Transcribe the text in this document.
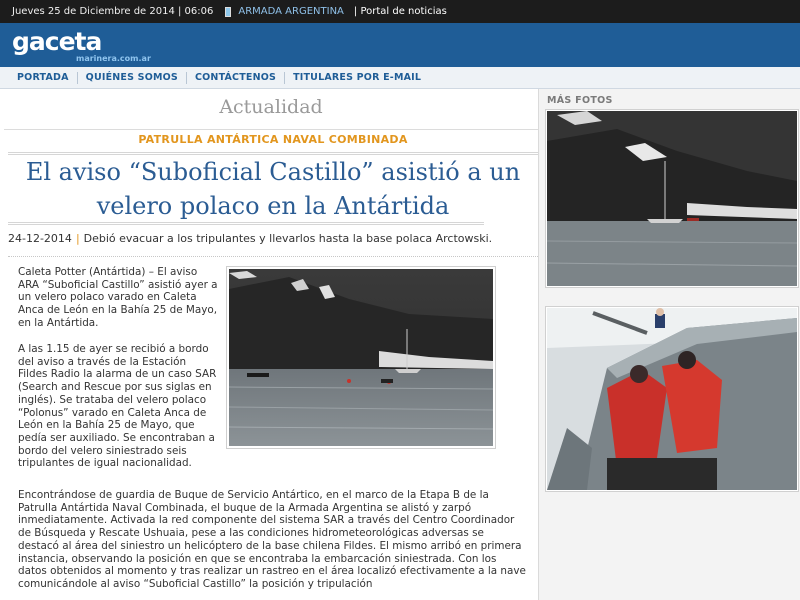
Jueves 25 de Diciembre de 2014 | 06:06	ARMADA ARGENTINA | Portal de noticias
gaceta
marinera.com.ar
PORTADA QUIÉNES SOMOS CONTÁCTENOS TITULARES POR E-MAIL
Actualidad
PATRULLA ANTÁRTICA NAVAL COMBINADA
El aviso “Suboficial Castillo” asistió a un
velero polaco en la Antártida
24-12-2014 | Debió evacuar a los tripulantes y llevarlos hasta la base polaca Arctowski.

Caleta Potter (Antártida) – El aviso ARA “Suboficial Castillo” asistió ayer a un velero polaco varado en Caleta Anca de León en la Bahía 25 de Mayo, en la Antártida.

A las 1.15 de ayer se recibió a bordo del aviso a través de la Estación Fildes Radio la alarma de un caso SAR (Search and Rescue por sus siglas en inglés). Se trataba del velero polaco “Polonus” varado en Caleta Anca de León en la Bahía 25 de Mayo, que pedía ser auxiliado. Se encontraban a bordo del velero siniestrado seis tripulantes de igual nacionalidad.

Encontrándose de guardia de Buque de Servicio Antártico, en el marco de la Etapa B de la Patrulla Antártida Naval Combinada, el buque de la Armada Argentina se alistó y zarpó inmediatamente. Activada la red componente del sistema SAR a través del Centro Coordinador de Búsqueda y Rescate Ushuaia, pese a las condiciones hidrometeorológicas adversas se destacó al área del siniestro un helicóptero de la base chilena Fildes. El mismo arribó en primera instancia, observando la posición en que se encontraba la embarcación siniestrada. Con los datos obtenidos al momento y tras realizar un rastreo en el área localizó efectivamente a la nave comunicándole al aviso “Suboficial Castillo” la posición y tripulación

MÁS FOTOS
